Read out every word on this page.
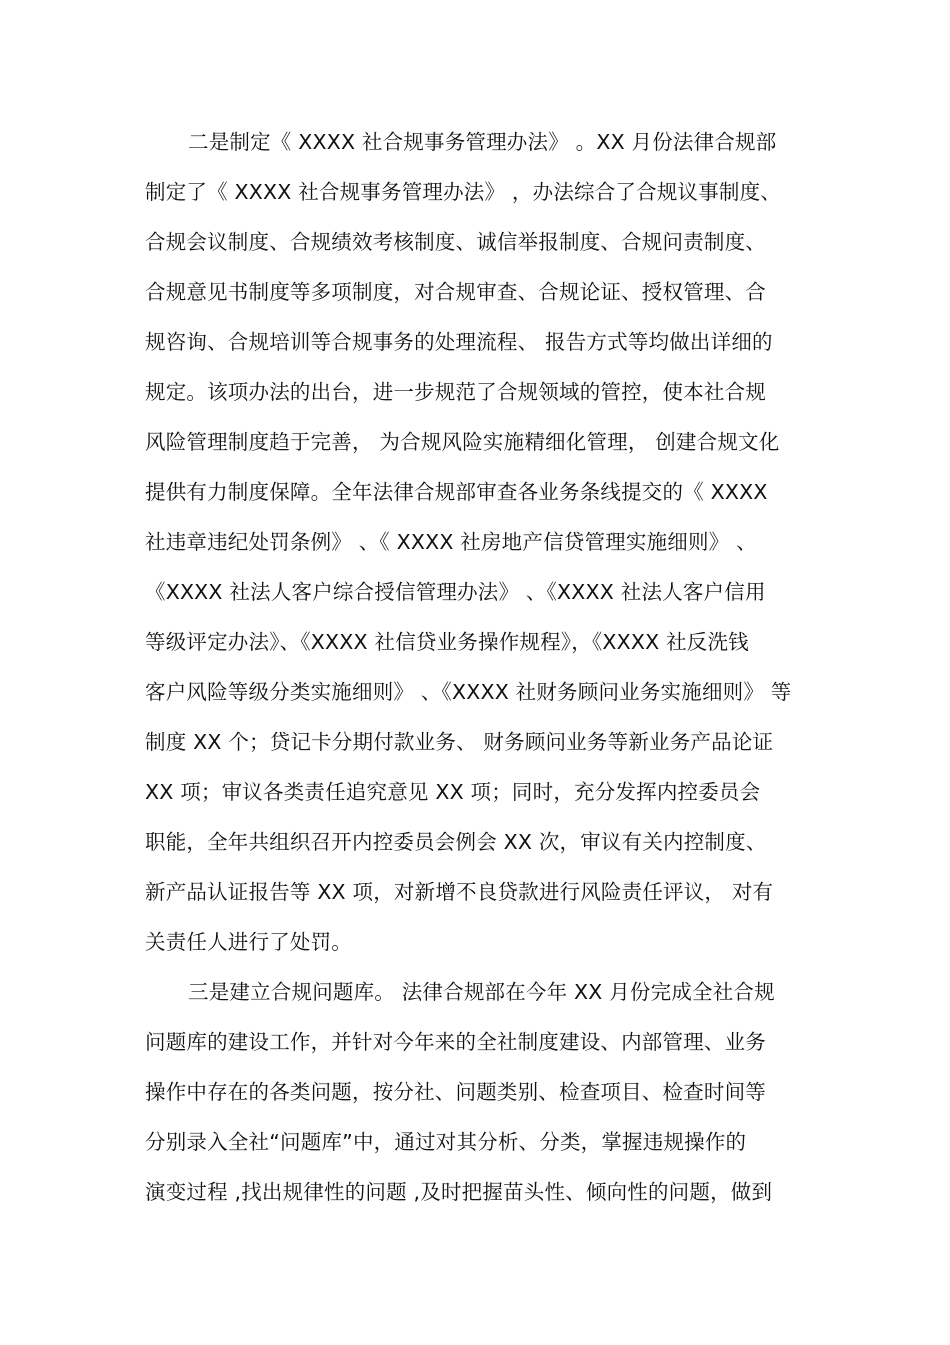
二是制定《 XXXX 社合规事务管理办法》 。XX 月份法律合规部
制定了《 XXXX 社合规事务管理办法》 ，办法综合了合规议事制度、
合规会议制度、合规绩效考核制度、诚信举报制度、合规问责制度、
合规意见书制度等多项制度，对合规审查、合规论证、授权管理、合
规咨询、合规培训等合规事务的处理流程、 报告方式等均做出详细的
规定。该项办法的出台，进一步规范了合规领域的管控，使本社合规
风险管理制度趋于完善， 为合规风险实施精细化管理， 创建合规文化
提供有力制度保障。全年法律合规部审查各业务条线提交的《 XXXX
社违章违纪处罚条例》 、《 XXXX 社房地产信贷管理实施细则》 、
《XXXX 社法人客户综合授信管理办法》 、《XXXX 社法人客户信用
等级评定办法》、《XXXX 社信贷业务操作规程》，《XXXX 社反洗钱
客户风险等级分类实施细则》 、《XXXX 社财务顾问业务实施细则》 等
制度 XX 个；贷记卡分期付款业务、 财务顾问业务等新业务产品论证
XX 项；审议各类责任追究意见 XX 项；同时，充分发挥内控委员会
职能，全年共组织召开内控委员会例会 XX 次，审议有关内控制度、
新产品认证报告等 XX 项，对新增不良贷款进行风险责任评议， 对有
关责任人进行了处罚。
三是建立合规问题库。 法律合规部在今年 XX 月份完成全社合规
问题库的建设工作，并针对今年来的全社制度建设、内部管理、业务
操作中存在的各类问题，按分社、问题类别、检查项目、检查时间等
分别录入全社“问题库”中，通过对其分析、分类，掌握违规操作的
演变过程 ,找出规律性的问题 ,及时把握苗头性、倾向性的问题，做到
